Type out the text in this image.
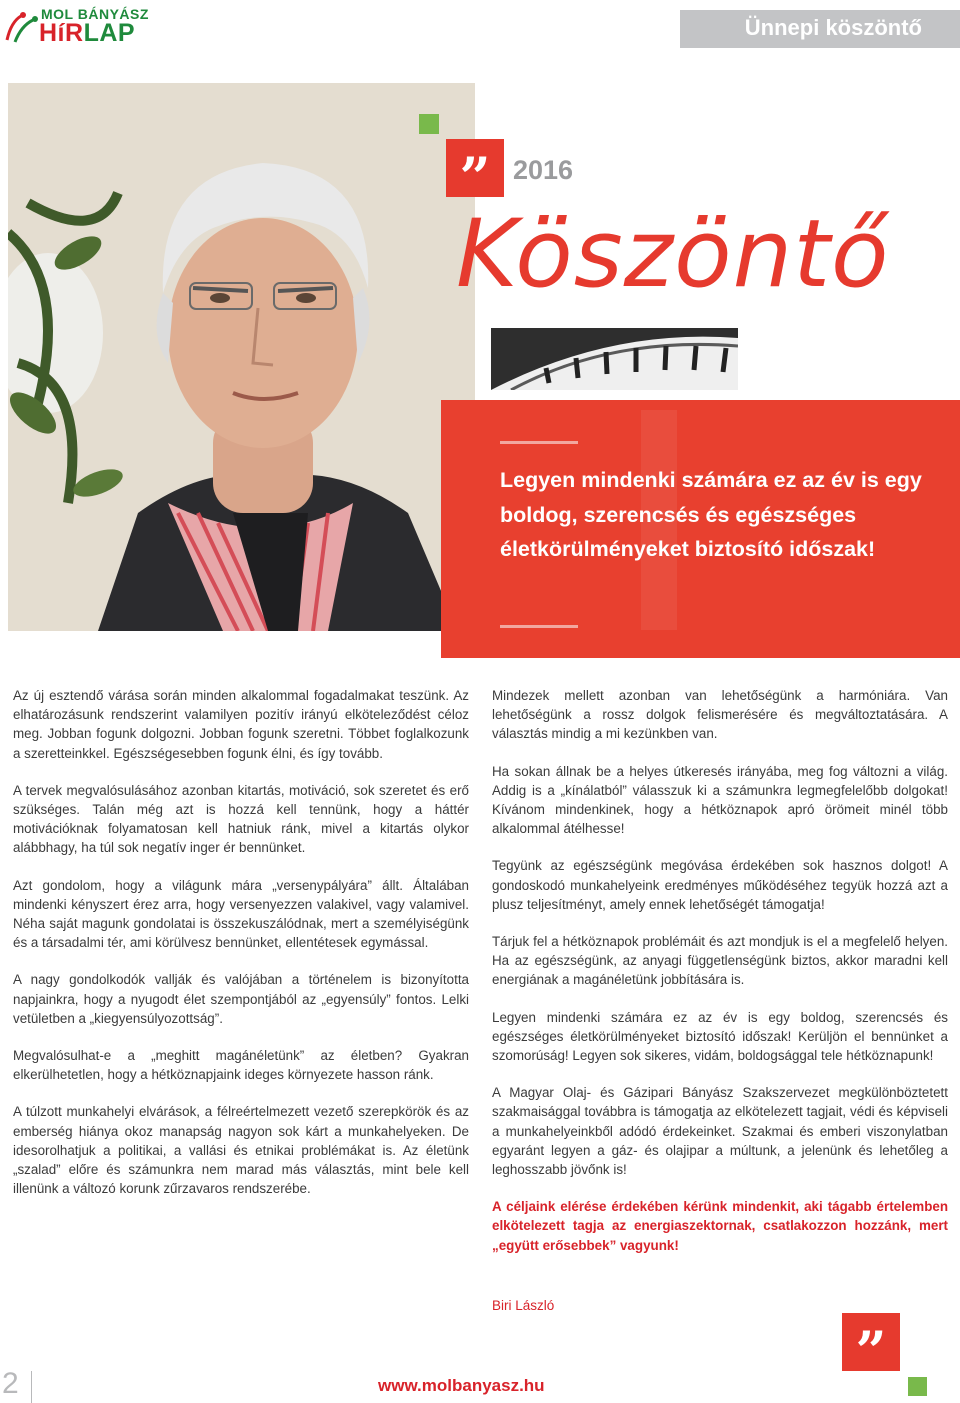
MOL BÁNYÁSZ
HíRLAP	Ünnepi köszöntő
” 2016
Köszöntő

Legyen mindenki számára ez az év is egy boldog, szerencsés és egészséges életkörülményeket biztosító időszak!

Az új esztendő várása során minden alkalommal fogadalmakat teszünk. Az elhatározásunk rendszerint valamilyen pozitív irányú elköteleződést céloz meg. Jobban fogunk dolgozni. Jobban fogunk szeretni. Többet foglalkozunk a szeretteinkkel. Egészségesebben fogunk élni, és így tovább.

A tervek megvalósulásához azonban kitartás, motiváció, sok szeretet és erő szükséges. Talán még azt is hozzá kell tennünk, hogy a háttér motivációknak folyamatosan kell hatniuk ránk, mivel a kitartás olykor alábbhagy, ha túl sok negatív inger ér bennünket.

Azt gondolom, hogy a világunk mára „versenypályára” állt. Általában mindenki kényszert érez arra, hogy versenyezzen valakivel, vagy valamivel. Néha saját magunk gondolatai is összekuszálódnak, mert a személyiségünk és a társadalmi tér, ami körülvesz bennünket, ellentétesek egymással.

A nagy gondolkodók vallják és valójában a történelem is bizonyította napjainkra, hogy a nyugodt élet szempontjából az „egyensúly” fontos. Lelki vetületben a „kiegyensúlyozottság”.

Megvalósulhat-e a „meghitt magánéletünk” az életben? Gyakran elkerülhetetlen, hogy a hétköznapjaink ideges környezete hasson ránk.

A túlzott munkahelyi elvárások, a félreértelmezett vezető szerepkörök és az emberség hiánya okoz manapság nagyon sok kárt a munkahelyeken. De idesorolhatjuk a politikai, a vallási és etnikai problémákat is. Az életünk „szalad” előre és számunkra nem marad más választás, mint bele kell illenünk a változó korunk zűrzavaros rendszerébe.

Mindezek mellett azonban van lehetőségünk a harmóniára. Van lehetőségünk a rossz dolgok felismerésére és megváltoztatására. A választás mindig a mi kezünkben van.

Ha sokan állnak be a helyes útkeresés irányába, meg fog változni a világ. Addig is a „kínálatból” válasszuk ki a számunkra legmegfelelőbb dolgokat! Kívánom mindenkinek, hogy a hétköznapok apró örömeit minél több alkalommal átélhesse!

Tegyünk az egészségünk megóvása érdekében sok hasznos dolgot! A gondoskodó munkahelyeink eredményes működéséhez tegyük hozzá azt a plusz teljesítményt, amely ennek lehetőségét támogatja!

Tárjuk fel a hétköznapok problémáit és azt mondjuk is el a megfelelő helyen. Ha az egészségünk, az anyagi függetlenségünk biztos, akkor maradni kell energiának a magánéletünk jobbítására is.

Legyen mindenki számára ez az év is egy boldog, szerencsés és egészséges életkörülményeket biztosító időszak! Kerüljön el bennünket a szomorúság! Legyen sok sikeres, vidám, boldogsággal tele hétköznapunk!

A Magyar Olaj- és Gázipari Bányász Szakszervezet megkülönböztetett szakmaisággal továbbra is támogatja az elkötelezett tagjait, védi és képviseli a munkahelyeinkből adódó érdekeinket. Szakmai és emberi viszonylatban egyaránt legyen a gáz- és olajipar a múltunk, a jelenünk és lehetőleg a leghosszabb jövőnk is!

A céljaink elérése érdekében kérünk mindenkit, aki tágabb értelemben elkötelezett tagja az energiaszektornak, csatlakozzon hozzánk, mert „együtt erősebbek” vagyunk!

Biri László
2	www.molbanyasz.hu
”
